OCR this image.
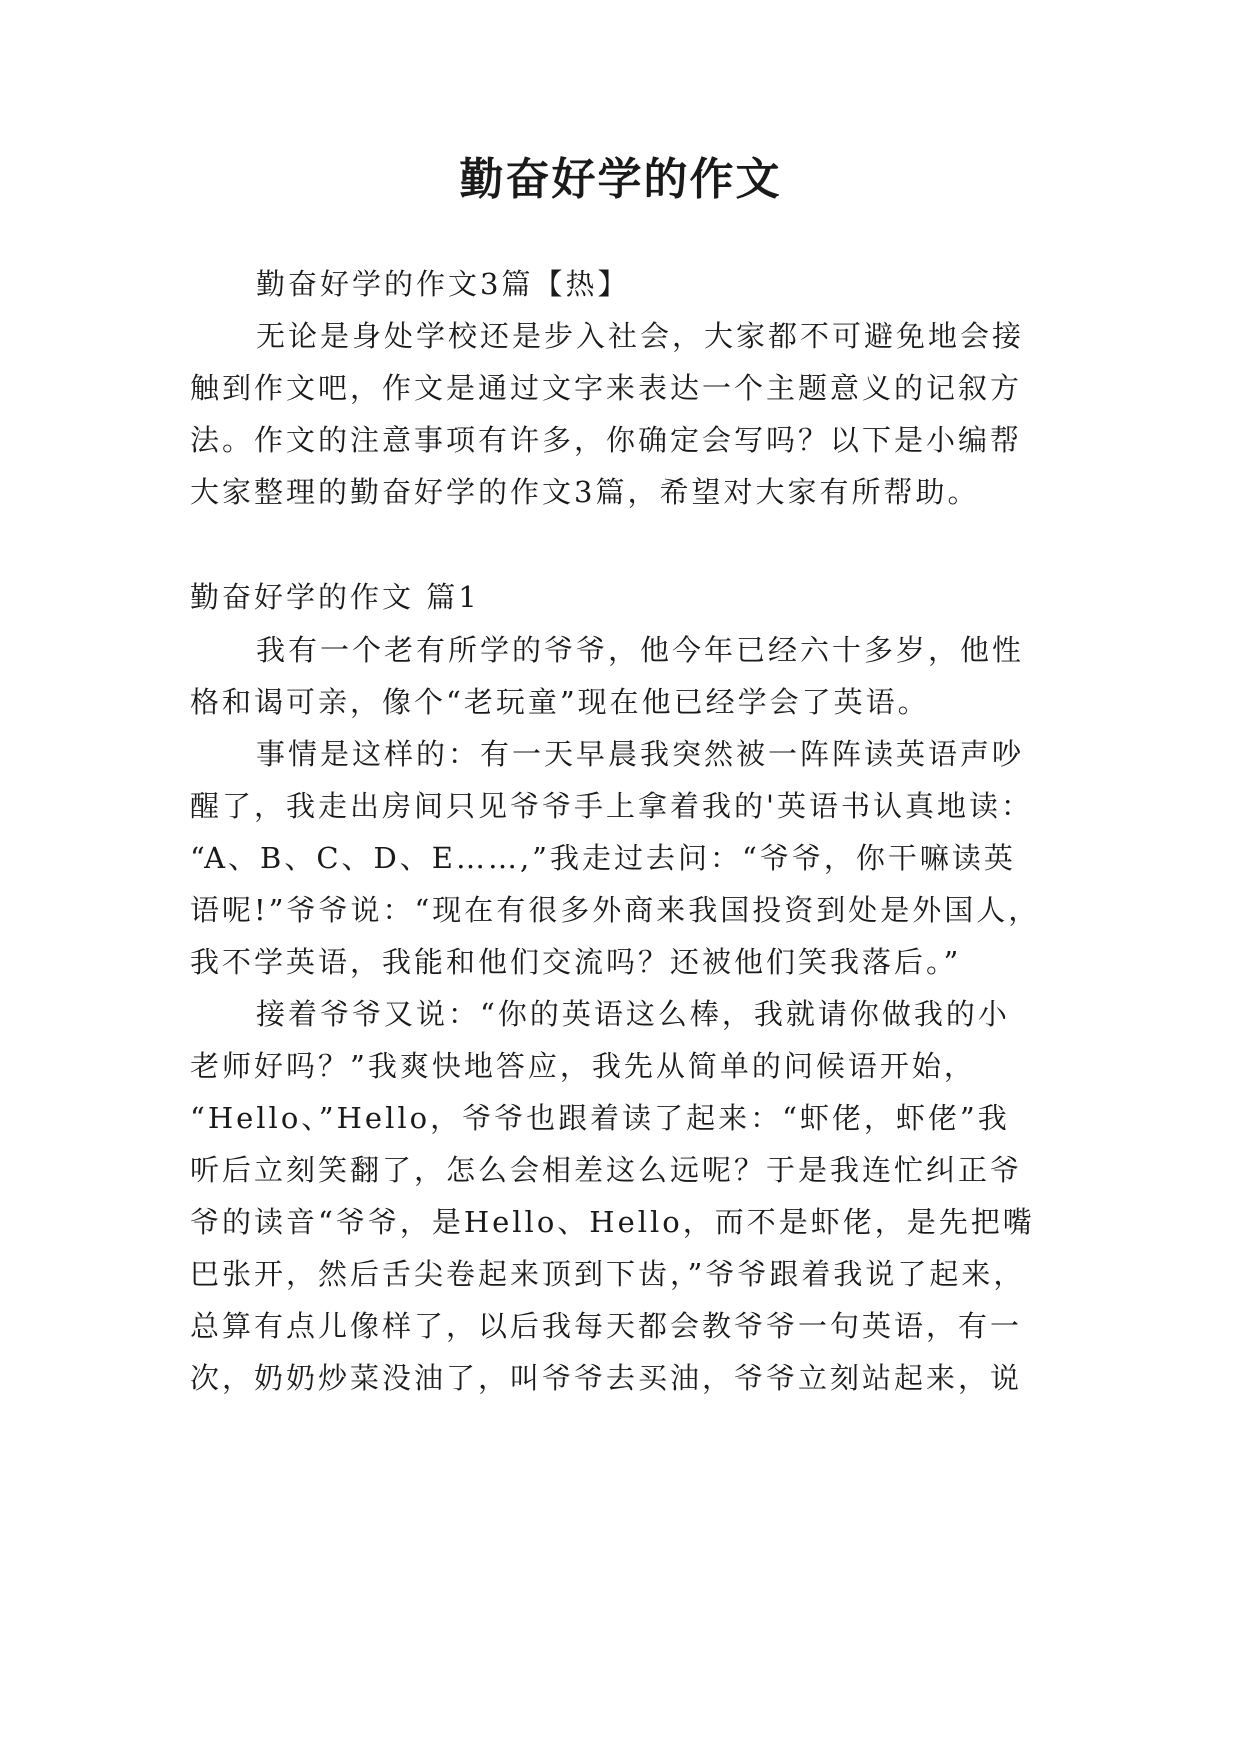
勤奋好学的作文
勤奋好学的作文3篇【热】
无论是身处学校还是步入社会，大家都不可避免地会接
触到作文吧，作文是通过文字来表达一个主题意义的记叙方
法。作文的注意事项有许多，你确定会写吗？以下是小编帮
大家整理的勤奋好学的作文3篇，希望对大家有所帮助。
勤奋好学的作文 篇1
我有一个老有所学的爷爷，他今年已经六十多岁，他性
格和谒可亲，像个“老玩童”现在他已经学会了英语。
事情是这样的：有一天早晨我突然被一阵阵读英语声吵
醒了，我走出房间只见爷爷手上拿着我的'英语书认真地读：
“A、B、C、D、E……,”我走过去问：“爷爷，你干嘛读英
语呢!”爷爷说：“现在有很多外商来我国投资到处是外国人，
我不学英语，我能和他们交流吗？还被他们笑我落后。”
接着爷爷又说：“你的英语这么棒，我就请你做我的小
老师好吗？”我爽快地答应，我先从简单的问候语开始，
“Hello、”Hello，爷爷也跟着读了起来：“虾佬，虾佬”我
听后立刻笑翻了，怎么会相差这么远呢？于是我连忙纠正爷
爷的读音“爷爷，是Hello、Hello，而不是虾佬，是先把嘴
巴张开，然后舌尖卷起来顶到下齿，”爷爷跟着我说了起来，
总算有点儿像样了，以后我每天都会教爷爷一句英语，有一
次，奶奶炒菜没油了，叫爷爷去买油，爷爷立刻站起来，说
